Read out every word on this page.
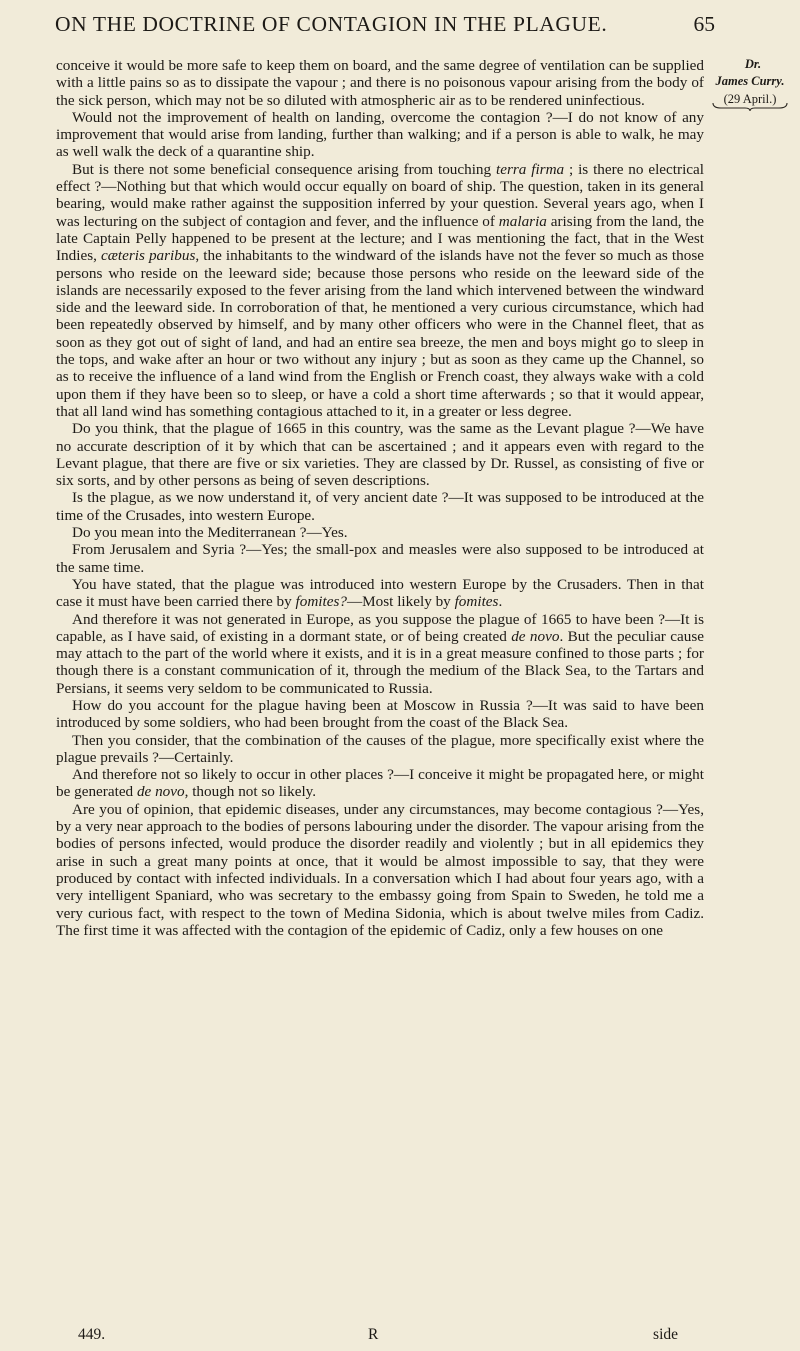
ON THE DOCTRINE OF CONTAGION IN THE PLAGUE.	65
Dr.
James Curry.
(29 April.)

conceive it would be more safe to keep them on board, and the same degree of ventilation can be supplied with a little pains so as to dissipate the vapour ; and there is no poisonous vapour arising from the body of the sick person, which may not be so diluted with atmospheric air as to be rendered uninfectious.

Would not the improvement of health on landing, overcome the contagion ?—I do not know of any improvement that would arise from landing, further than walking; and if a person is able to walk, he may as well walk the deck of a quarantine ship.

But is there not some beneficial consequence arising from touching terra firma ; is there no electrical effect ?—Nothing but that which would occur equally on board of ship. The question, taken in its general bearing, would make rather against the supposition inferred by your question. Several years ago, when I was lecturing on the subject of contagion and fever, and the influence of malaria arising from the land, the late Captain Pelly happened to be present at the lecture; and I was mentioning the fact, that in the West Indies, cæteris paribus, the inhabitants to the windward of the islands have not the fever so much as those persons who reside on the leeward side; because those persons who reside on the leeward side of the islands are necessarily exposed to the fever arising from the land which intervened between the windward side and the leeward side. In corroboration of that, he mentioned a very curious circumstance, which had been repeatedly observed by himself, and by many other officers who were in the Channel fleet, that as soon as they got out of sight of land, and had an entire sea breeze, the men and boys might go to sleep in the tops, and wake after an hour or two without any injury ; but as soon as they came up the Channel, so as to receive the influence of a land wind from the English or French coast, they always wake with a cold upon them if they have been so to sleep, or have a cold a short time afterwards ; so that it would appear, that all land wind has something contagious attached to it, in a greater or less degree.

Do you think, that the plague of 1665 in this country, was the same as the Levant plague ?—We have no accurate description of it by which that can be ascertained ; and it appears even with regard to the Levant plague, that there are five or six varieties. They are classed by Dr. Russel, as consisting of five or six sorts, and by other persons as being of seven descriptions.

Is the plague, as we now understand it, of very ancient date ?—It was supposed to be introduced at the time of the Crusades, into western Europe.

Do you mean into the Mediterranean ?—Yes.

From Jerusalem and Syria ?—Yes; the small-pox and measles were also supposed to be introduced at the same time.

You have stated, that the plague was introduced into western Europe by the Crusaders. Then in that case it must have been carried there by fomites?—Most likely by fomites.

And therefore it was not generated in Europe, as you suppose the plague of 1665 to have been ?—It is capable, as I have said, of existing in a dormant state, or of being created de novo. But the peculiar cause may attach to the part of the world where it exists, and it is in a great measure confined to those parts ; for though there is a constant communication of it, through the medium of the Black Sea, to the Tartars and Persians, it seems very seldom to be communicated to Russia.

How do you account for the plague having been at Moscow in Russia ?—It was said to have been introduced by some soldiers, who had been brought from the coast of the Black Sea.

Then you consider, that the combination of the causes of the plague, more specifically exist where the plague prevails ?—Certainly.

And therefore not so likely to occur in other places ?—I conceive it might be propagated here, or might be generated de novo, though not so likely.

Are you of opinion, that epidemic diseases, under any circumstances, may become contagious ?—Yes, by a very near approach to the bodies of persons labouring under the disorder. The vapour arising from the bodies of persons infected, would produce the disorder readily and violently ; but in all epidemics they arise in such a great many points at once, that it would be almost impossible to say, that they were produced by contact with infected individuals. In a conversation which I had about four years ago, with a very intelligent Spaniard, who was secretary to the embassy going from Spain to Sweden, he told me a very curious fact, with respect to the town of Medina Sidonia, which is about twelve miles from Cadiz. The first time it was affected with the contagion of the epidemic of Cadiz, only a few houses on one

449.	R	side
